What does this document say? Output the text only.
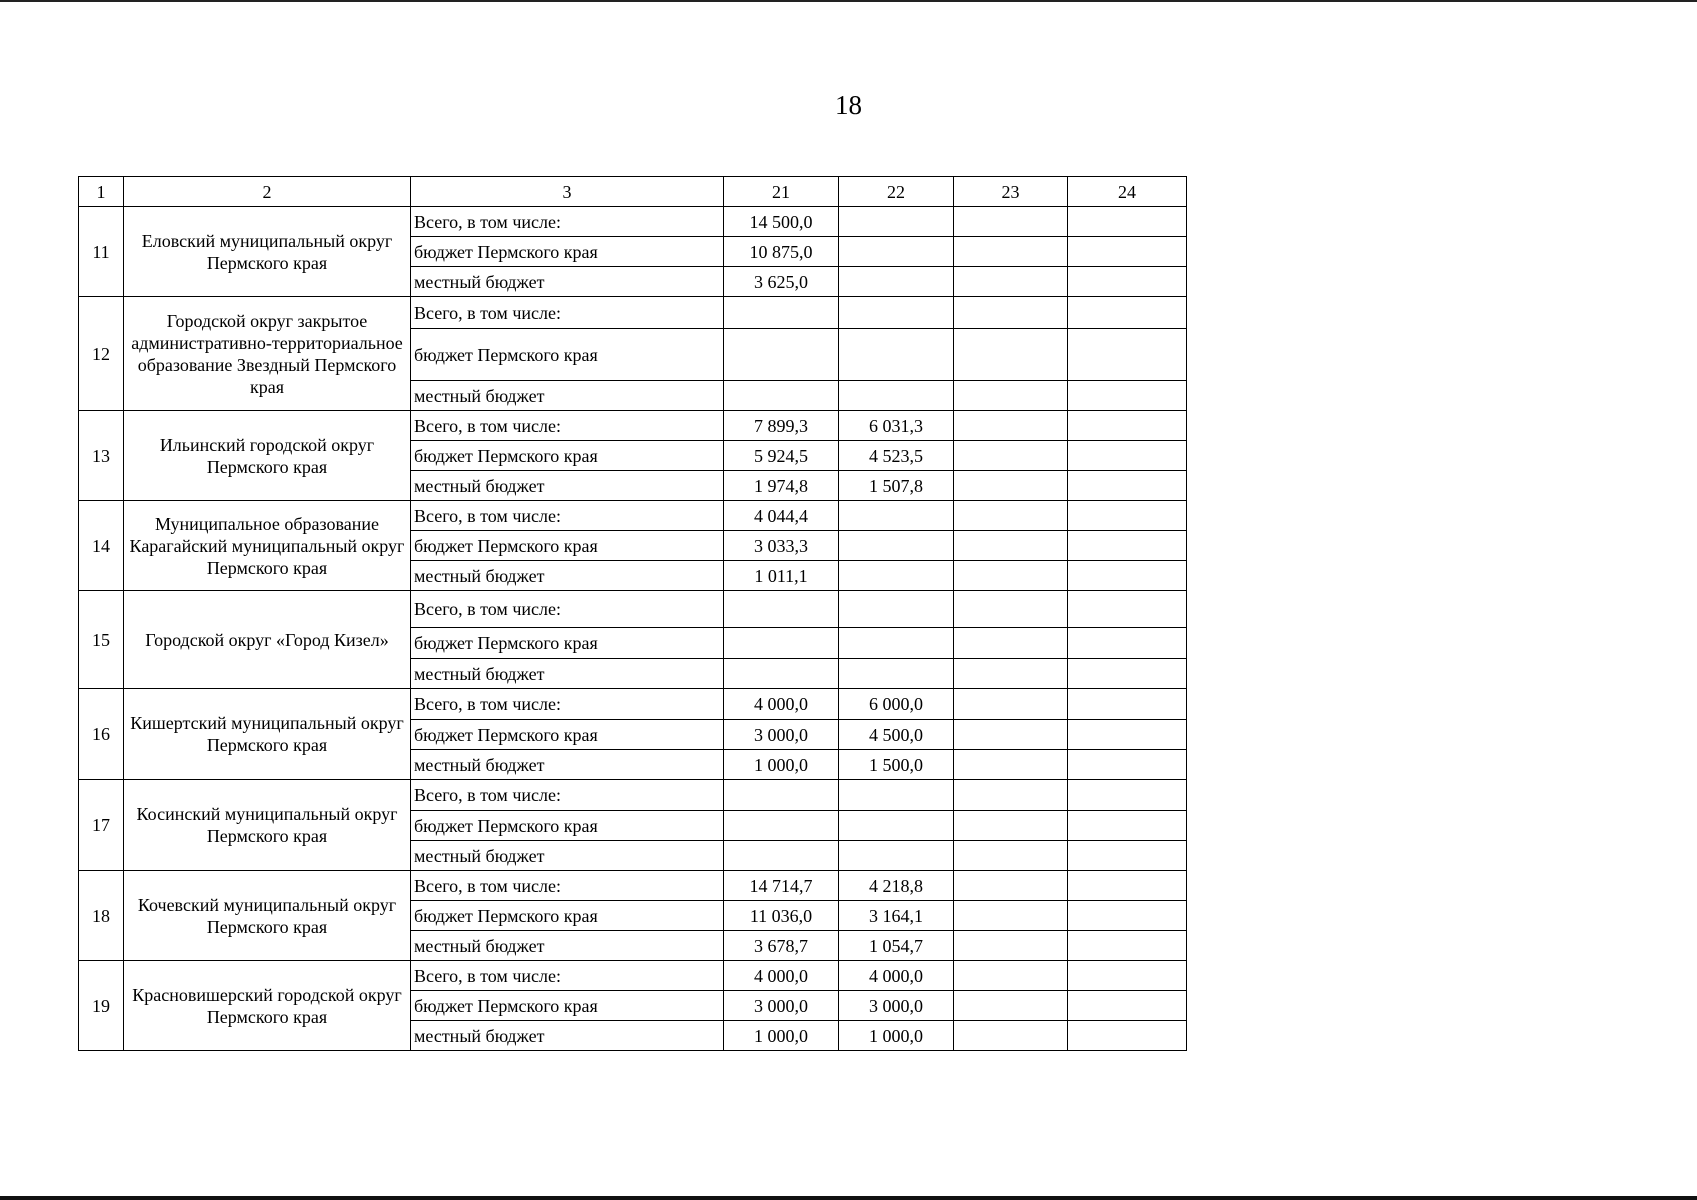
18
1	2	3	21	22	23	24
11	Еловский муниципальный округ Пермского края	Всего, в том числе:	14 500,0			
		бюджет Пермского края	10 875,0			
		местный бюджет	3 625,0			
12	Городской округ закрытое административно-территориальное образование Звездный Пермского края	Всего, в том числе:				
		бюджет Пермского края				
		местный бюджет				
13	Ильинский городской округ Пермского края	Всего, в том числе:	7 899,3	6 031,3		
		бюджет Пермского края	5 924,5	4 523,5		
		местный бюджет	1 974,8	1 507,8		
14	Муниципальное образование Карагайский муниципальный округ Пермского края	Всего, в том числе:	4 044,4			
		бюджет Пермского края	3 033,3			
		местный бюджет	1 011,1			
15	Городской округ «Город Кизел»	Всего, в том числе:				
		бюджет Пермского края				
		местный бюджет				
16	Кишертский муниципальный округ Пермского края	Всего, в том числе:	4 000,0	6 000,0		
		бюджет Пермского края	3 000,0	4 500,0		
		местный бюджет	1 000,0	1 500,0		
17	Косинский муниципальный округ Пермского края	Всего, в том числе:				
		бюджет Пермского края				
		местный бюджет				
18	Кочевский муниципальный округ Пермского края	Всего, в том числе:	14 714,7	4 218,8		
		бюджет Пермского края	11 036,0	3 164,1		
		местный бюджет	3 678,7	1 054,7		
19	Красновишерский городской округ Пермского края	Всего, в том числе:	4 000,0	4 000,0		
		бюджет Пермского края	3 000,0	3 000,0		
		местный бюджет	1 000,0	1 000,0		
